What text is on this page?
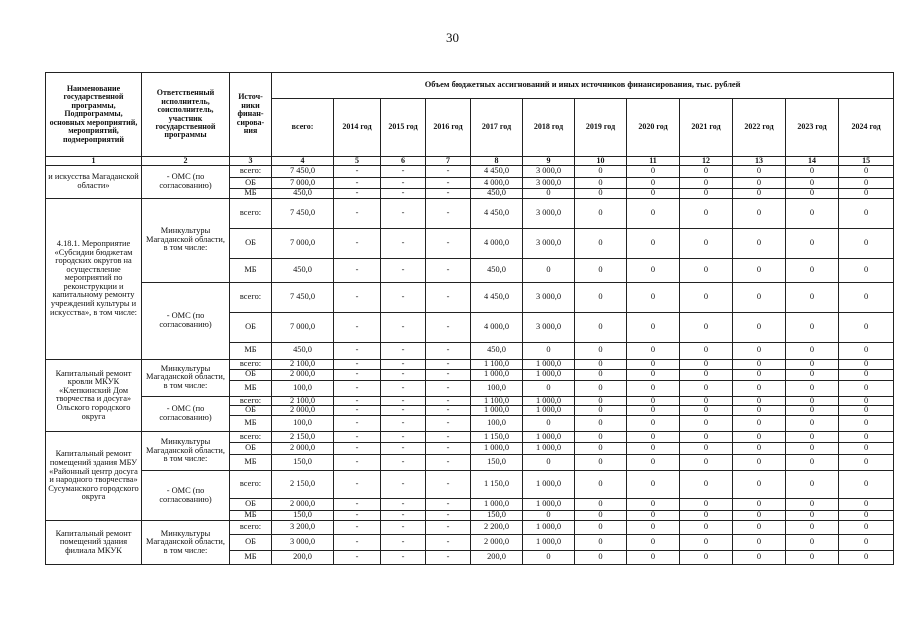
30
Наименование государственной программы, Подпрограммы, основных мероприятий, мероприятий, подмероприятий	Ответственный исполнитель, соисполнитель, участник государственной программы	Источ-ники финан-сирова-ния	Объем бюджетных ассигнований и иных источников финансирования, тыс. рублей											
			всего:	2014 год	2015 год	2016 год	2017 год	2018 год	2019 год	2020 год	2021 год	2022 год	2023 год	2024 год
1	2	3	4	5	6	7	8	9	10	11	12	13	14	15
и искусства Магаданской области»	- ОМС (по согласованию)	всего:	7 450,0	-	-	-	4 450,0	3 000,0	0	0	0	0	0	0
		ОБ	7 000,0	-	-	-	4 000,0	3 000,0	0	0	0	0	0	0
		МБ	450,0	-	-	-	450,0	0	0	0	0	0	0	0
4.18.1. Мероприятие «Субсидии бюджетам городских округов на осуществление мероприятий по реконструкции и капитальному ремонту учреждений культуры и искусства», в том числе:	Минкультуры Магаданской области, в том числе:	всего:	7 450,0	-	-	-	4 450,0	3 000,0	0	0	0	0	0	0
		ОБ	7 000,0	-	-	-	4 000,0	3 000,0	0	0	0	0	0	0
		МБ	450,0	-	-	-	450,0	0	0	0	0	0	0	0
	- ОМС (по согласованию)	всего:	7 450,0	-	-	-	4 450,0	3 000,0	0	0	0	0	0	0
		ОБ	7 000,0	-	-	-	4 000,0	3 000,0	0	0	0	0	0	0
		МБ	450,0	-	-	-	450,0	0	0	0	0	0	0	0
Капитальный ремонт кровли МКУК «Клепкинский Дом творчества и досуга» Ольского городского округа	Минкультуры Магаданской области, в том числе:	всего:	2 100,0	-	-	-	1 100,0	1 000,0	0	0	0	0	0	0
		ОБ	2 000,0	-	-	-	1 000,0	1 000,0	0	0	0	0	0	0
		МБ	100,0	-	-	-	100,0	0	0	0	0	0	0	0
	- ОМС (по согласованию)	всего:	2 100,0	-	-	-	1 100,0	1 000,0	0	0	0	0	0	0
		ОБ	2 000,0	-	-	-	1 000,0	1 000,0	0	0	0	0	0	0
		МБ	100,0	-	-	-	100,0	0	0	0	0	0	0	0
Капитальный ремонт помещений здания МБУ «Районный центр досуга и народного творчества» Сусуманского городского округа	Минкультуры Магаданской области, в том числе:	всего:	2 150,0	-	-	-	1 150,0	1 000,0	0	0	0	0	0	0
		ОБ	2 000,0	-	-	-	1 000,0	1 000,0	0	0	0	0	0	0
		МБ	150,0	-	-	-	150,0	0	0	0	0	0	0	0
	- ОМС (по согласованию)	всего:	2 150,0	-	-	-	1 150,0	1 000,0	0	0	0	0	0	0
		ОБ	2 000,0	-	-	-	1 000,0	1 000,0	0	0	0	0	0	0
		МБ	150,0	-	-	-	150,0	0	0	0	0	0	0	0
Капитальный ремонт помещений здания филиала МКУК	Минкультуры Магаданской области, в том числе:	всего:	3 200,0	-	-	-	2 200,0	1 000,0	0	0	0	0	0	0
		ОБ	3 000,0	-	-	-	2 000,0	1 000,0	0	0	0	0	0	0
		МБ	200,0	-	-	-	200,0	0	0	0	0	0	0	0
